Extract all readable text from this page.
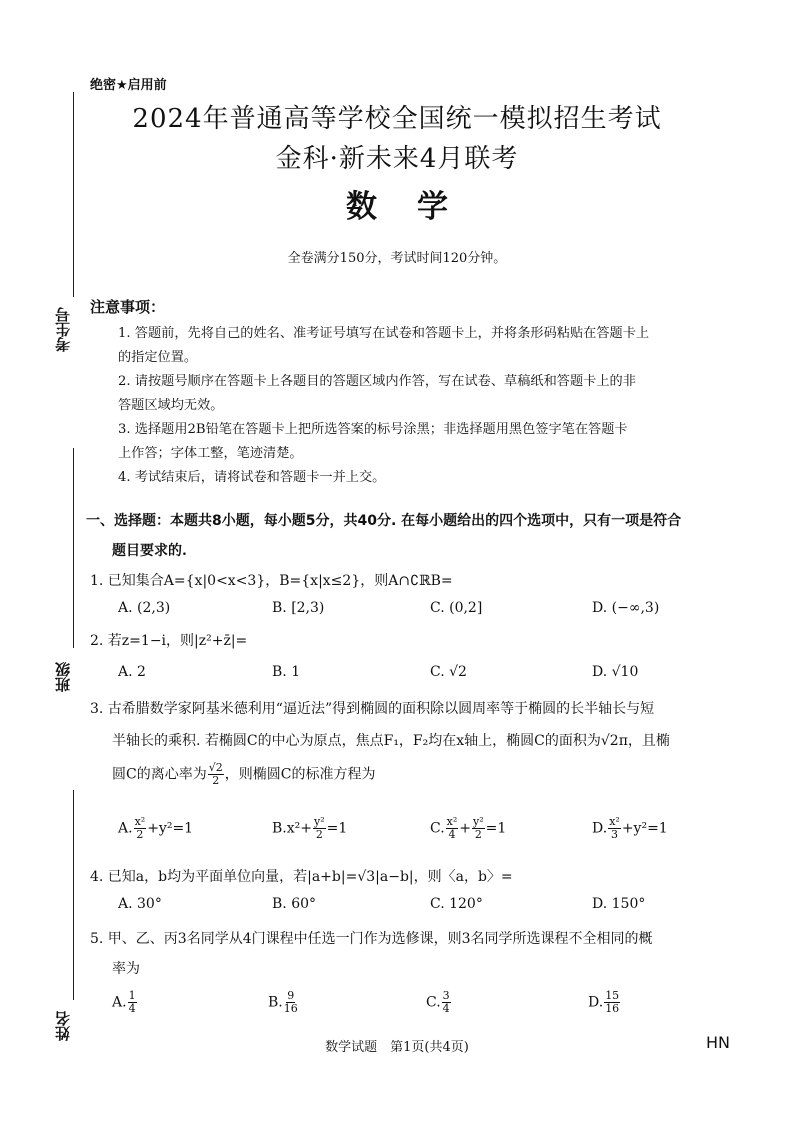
考生号
班级
姓名
绝密★启用前
2024年普通高等学校全国统一模拟招生考试
金科·新未来4月联考
数学
全卷满分150分，考试时间120分钟。
注意事项：
1. 答题前，先将自己的姓名、准考证号填写在试卷和答题卡上，并将条形码粘贴在答题卡上
的指定位置。
2. 请按题号顺序在答题卡上各题目的答题区域内作答，写在试卷、草稿纸和答题卡上的非
答题区域均无效。
3. 选择题用2B铅笔在答题卡上把所选答案的标号涂黑；非选择题用黑色签字笔在答题卡
上作答；字体工整，笔迹清楚。
4. 考试结束后，请将试卷和答题卡一并上交。
一、选择题：本题共8小题，每小题5分，共40分. 在每小题给出的四个选项中，只有一项是符合
题目要求的.
1. 已知集合A={x|0<x<3}，B={x|x≤2}，则A∩∁ℝB=
A. (2,3)	B. [2,3)	C. (0,2]	D. (−∞,3)
2. 若z=1−i，则|z²+z̄|=
A. 2	B. 1	C. √2	D. √10
3. 古希腊数学家阿基米德利用“逼近法”得到椭圆的面积除以圆周率等于椭圆的长半轴长与短
半轴长的乘积. 若椭圆C的中心为原点，焦点F₁，F₂均在x轴上，椭圆C的面积为√2π，且椭
圆C的离心率为 $\frac{√2}{2}$ ，则椭圆C的标准方程为
A. $\frac{\text{x²}}{2} +y^2=1$	$B.x^2+ \frac{\text{y²}}{2} =1$	C. $\frac{\text{x²}}{4} + \frac{\text{y²}}{2} =1$	D. $\frac{\text{x²}}{3} +y^2=1$
4. 已知a，b均为平面单位向量，若|a+b|=√3|a−b|，则〈a，b〉=
A. 30°	B. 60°	C. 120°	D. 150°
5. 甲、乙、丙3名同学从4门课程中任选一门作为选修课，则3名同学所选课程不全相同的概
率为
A. $\frac{1}{4}$	B. $\frac{9}{16}$	C. $\frac{3}{4}$	D. $\frac{15}{16}$
数学试题　第1页(共4页)	HN
